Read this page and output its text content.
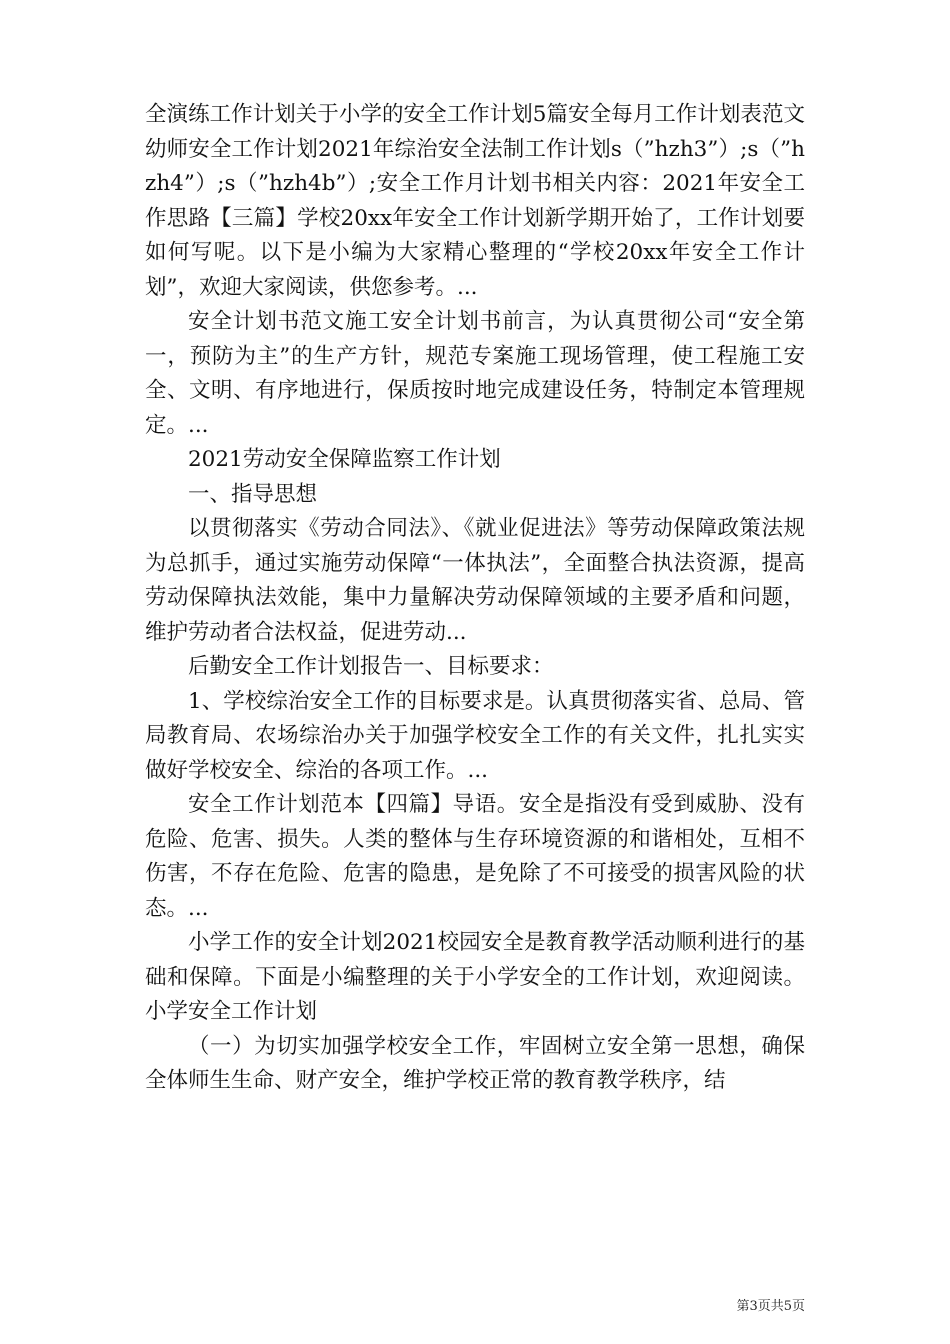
全演练工作计划关于小学的安全工作计划5篇安全每月工作计划表范文幼师安全工作计划2021年综治安全法制工作计划s（”hzh3”）;s（”hzh4”）;s（”hzh4b”）;安全工作月计划书相关内容：2021年安全工作思路【三篇】学校20xx年安全工作计划新学期开始了，工作计划要如何写呢。以下是小编为大家精心整理的“学校20xx年安全工作计划”，欢迎大家阅读，供您参考。...

安全计划书范文施工安全计划书前言，为认真贯彻公司“安全第一，预防为主”的生产方针，规范专案施工现场管理，使工程施工安全、文明、有序地进行，保质按时地完成建设任务，特制定本管理规定。...

2021劳动安全保障监察工作计划

一、指导思想

以贯彻落实《劳动合同法》、《就业促进法》等劳动保障政策法规为总抓手，通过实施劳动保障“一体执法”，全面整合执法资源，提高劳动保障执法效能，集中力量解决劳动保障领域的主要矛盾和问题，维护劳动者合法权益，促进劳动...

后勤安全工作计划报告一、目标要求：

1、学校综治安全工作的目标要求是。认真贯彻落实省、总局、管局教育局、农场综治办关于加强学校安全工作的有关文件，扎扎实实做好学校安全、综治的各项工作。...

安全工作计划范本【四篇】导语。安全是指没有受到威胁、没有危险、危害、损失。人类的整体与生存环境资源的和谐相处，互相不伤害，不存在危险、危害的隐患，是免除了不可接受的损害风险的状态。...

小学工作的安全计划2021校园安全是教育教学活动顺利进行的基础和保障。下面是小编整理的关于小学安全的工作计划，欢迎阅读。小学安全工作计划

（一）为切实加强学校安全工作，牢固树立安全第一思想，确保全体师生生命、财产安全，维护学校正常的教育教学秩序，结

第3页共5页
